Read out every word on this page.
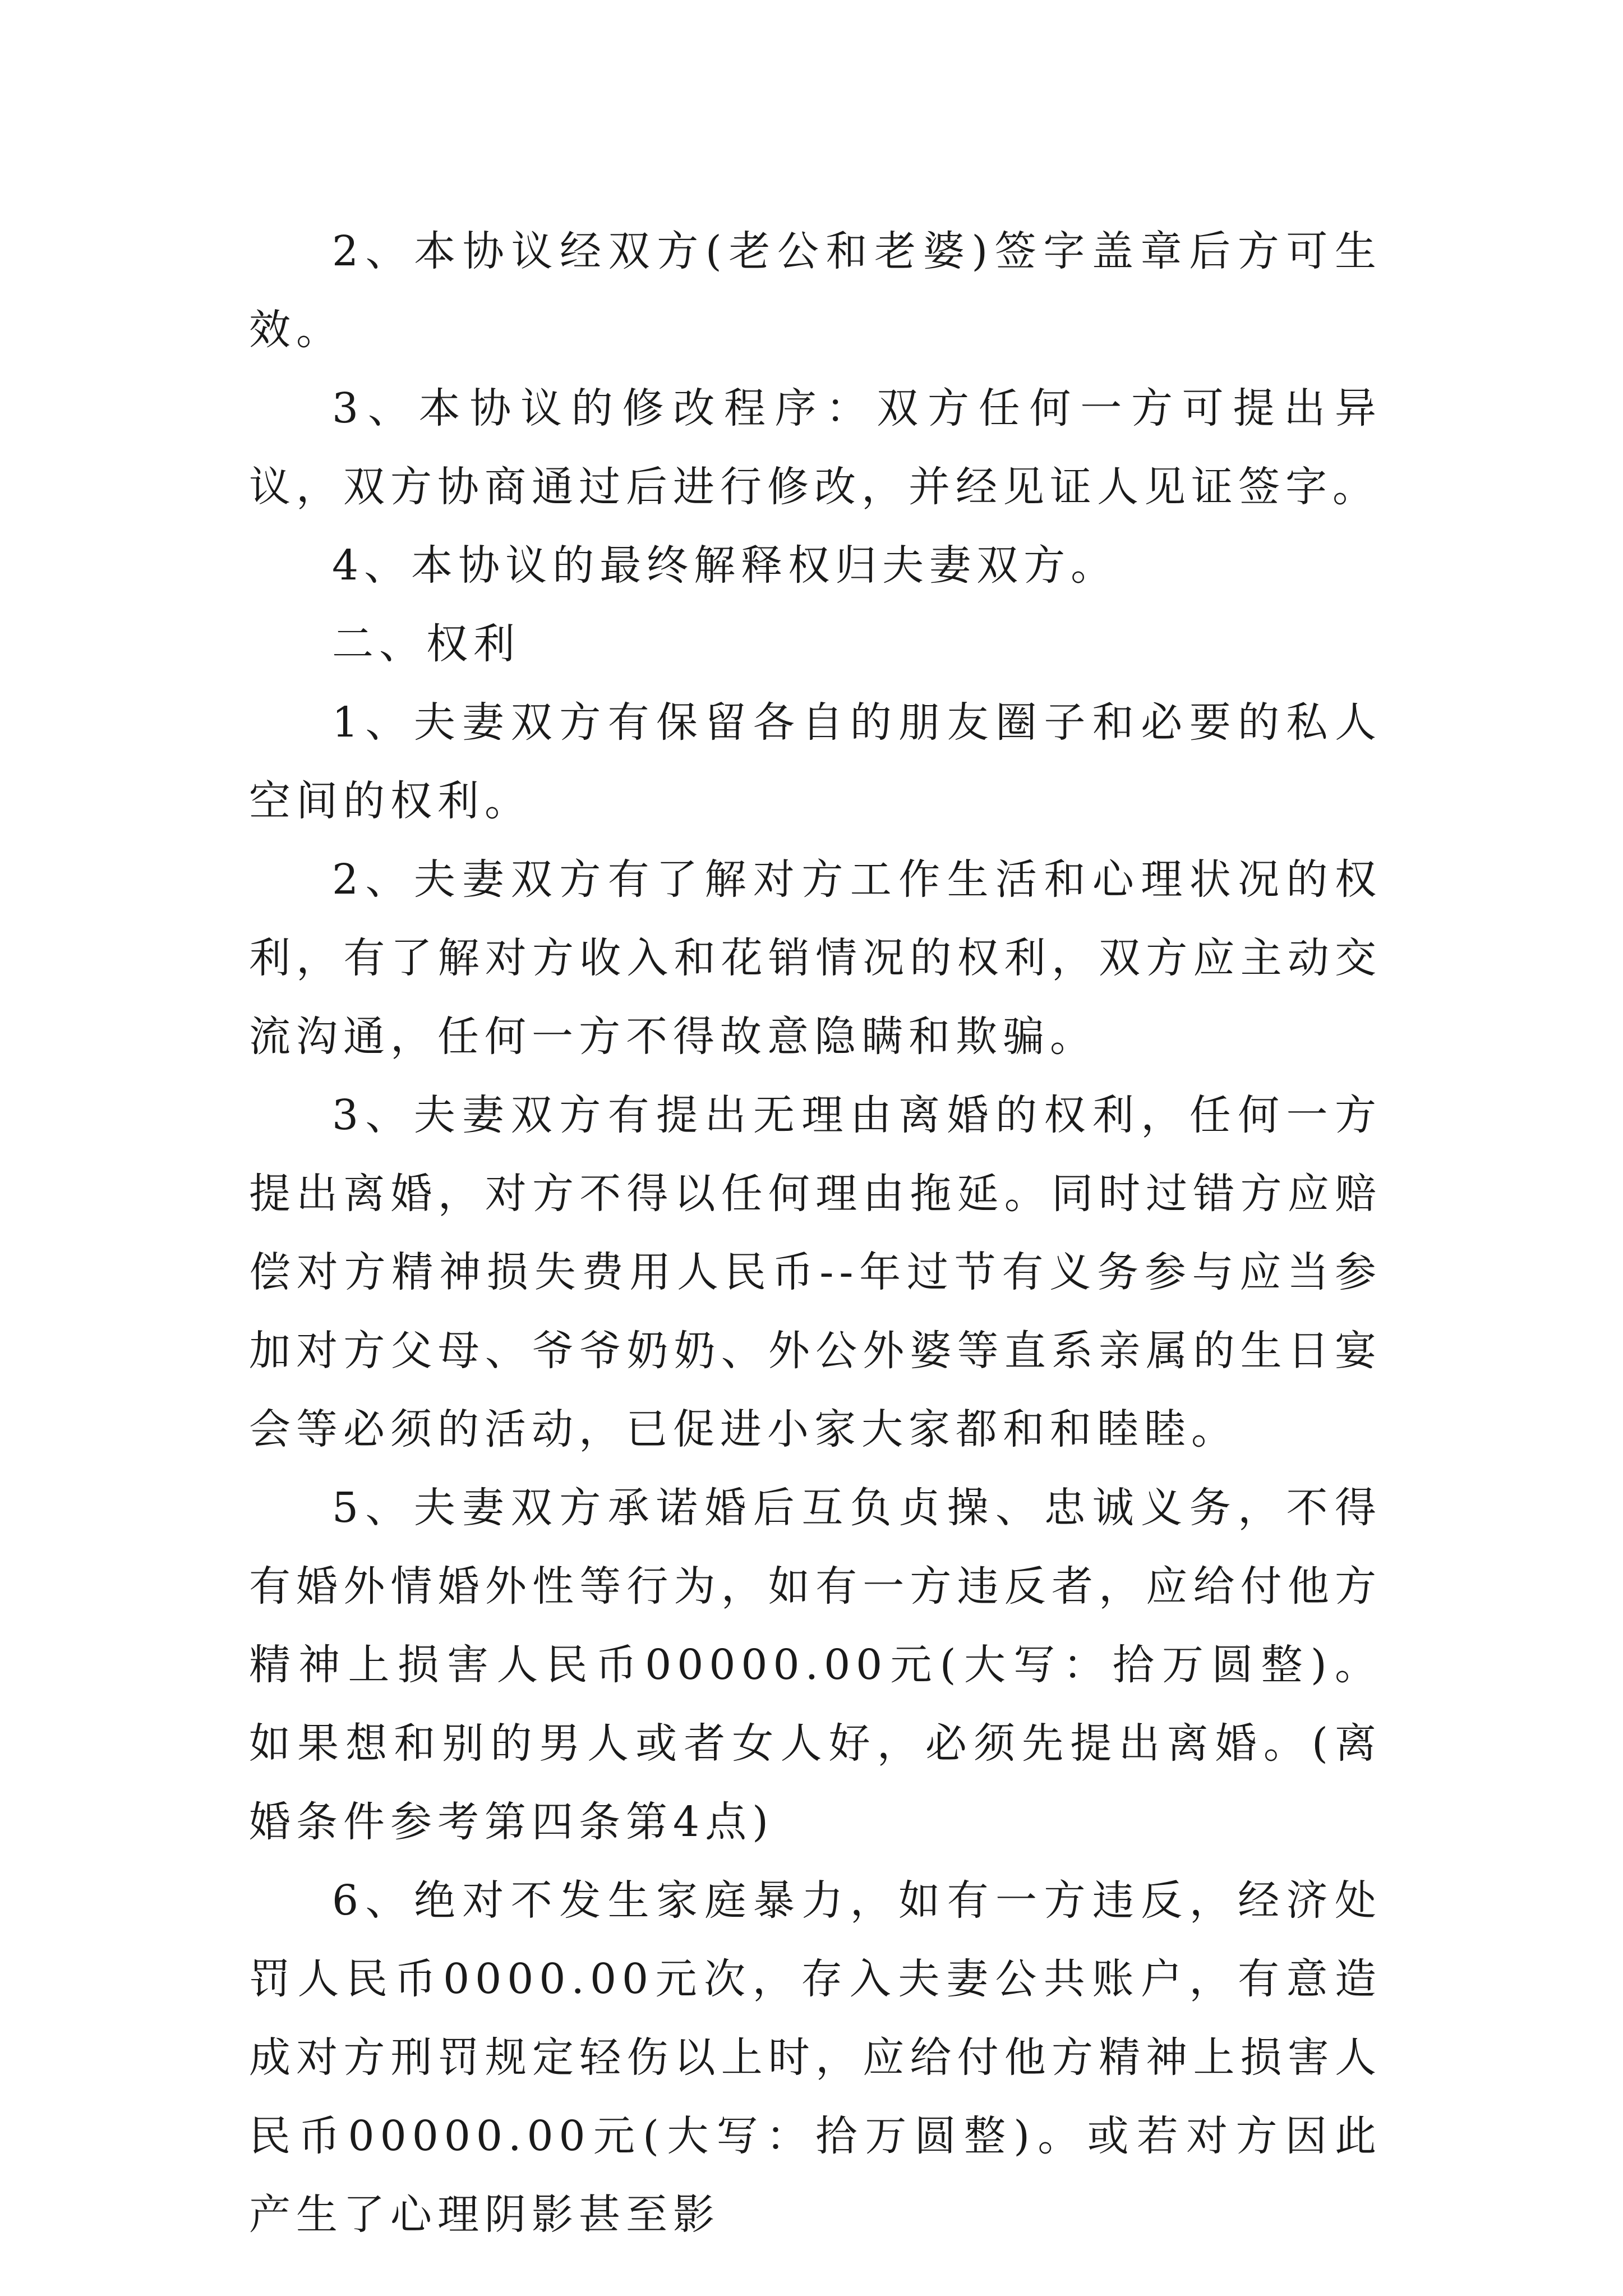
2、本协议经双方(老公和老婆)签字盖章后方可生效。

3、本协议的修改程序：双方任何一方可提出异议，双方协商通过后进行修改，并经见证人见证签字。

4、本协议的最终解释权归夫妻双方。

二、权利

1、夫妻双方有保留各自的朋友圈子和必要的私人空间的权利。

2、夫妻双方有了解对方工作生活和心理状况的权利，有了解对方收入和花销情况的权利，双方应主动交流沟通，任何一方不得故意隐瞒和欺骗。

3、夫妻双方有提出无理由离婚的权利，任何一方提出离婚，对方不得以任何理由拖延。同时过错方应赔偿对方精神损失费用人民币--年过节有义务参与应当参加对方父母、爷爷奶奶、外公外婆等直系亲属的生日宴会等必须的活动，已促进小家大家都和和睦睦。

5、夫妻双方承诺婚后互负贞操、忠诚义务，不得有婚外情婚外性等行为，如有一方违反者，应给付他方精神上损害人民币00000.00元(大写：拾万圆整)。如果想和别的男人或者女人好，必须先提出离婚。(离婚条件参考第四条第4点)

6、绝对不发生家庭暴力，如有一方违反，经济处罚人民币0000.00元次，存入夫妻公共账户，有意造成对方刑罚规定轻伤以上时，应给付他方精神上损害人民币00000.00元(大写：拾万圆整)。或若对方因此产生了心理阴影甚至影
